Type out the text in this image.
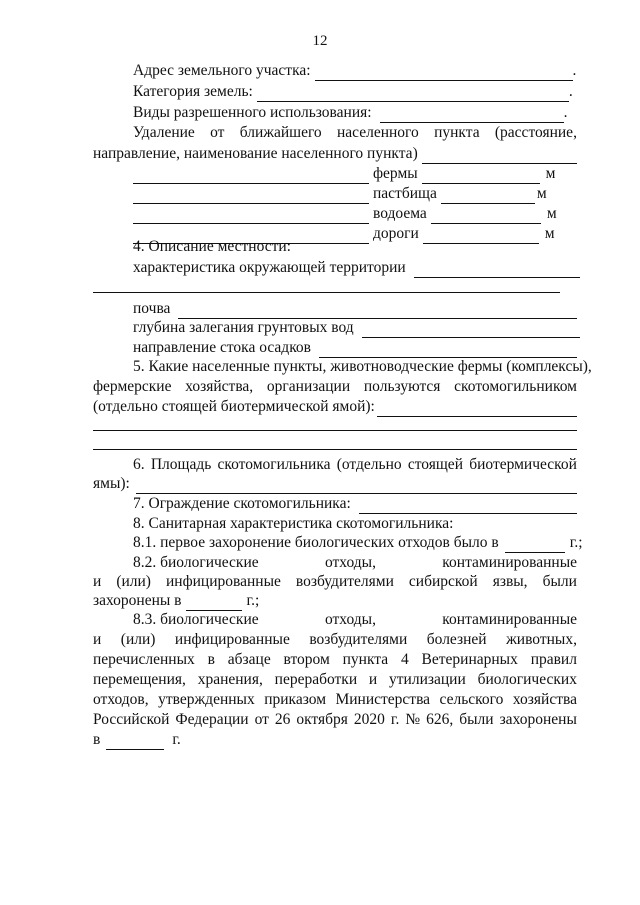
12
Адрес земельного участка:	.
Категория земель:	.
Виды разрешенного использования:	.
Удаление от ближайшего населенного пункта (расстояние,
направление, наименование населенного пункта)
фермы	м
пастбища	м
водоема	м
дороги	м
4. Описание местности:
характеристика окружающей территории
почва
глубина залегания грунтовых вод
направление стока осадков
5. Какие населенные пункты, животноводческие фермы (комплексы),
фермерские хозяйства, организации пользуются скотомогильником
(отдельно стоящей биотермической ямой):
6. Площадь скотомогильника (отдельно стоящей биотермической
ямы):
7. Ограждение скотомогильника:
8. Санитарная характеристика скотомогильника:
8.1. первое захоронение биологических отходов было в	г.;
8.2. биологические	отходы,	контаминированные
и (или) инфицированные возбудителями сибирской язвы, были
захоронены в	г.;
8.3. биологические	отходы,	контаминированные
и (или) инфицированные возбудителями болезней животных,
перечисленных в абзаце втором пункта 4 Ветеринарных правил
перемещения, хранения, переработки и утилизации биологических
отходов, утвержденных приказом Министерства сельского хозяйства
Российской Федерации от 26 октября 2020 г. № 626, были захоронены
в	г.
